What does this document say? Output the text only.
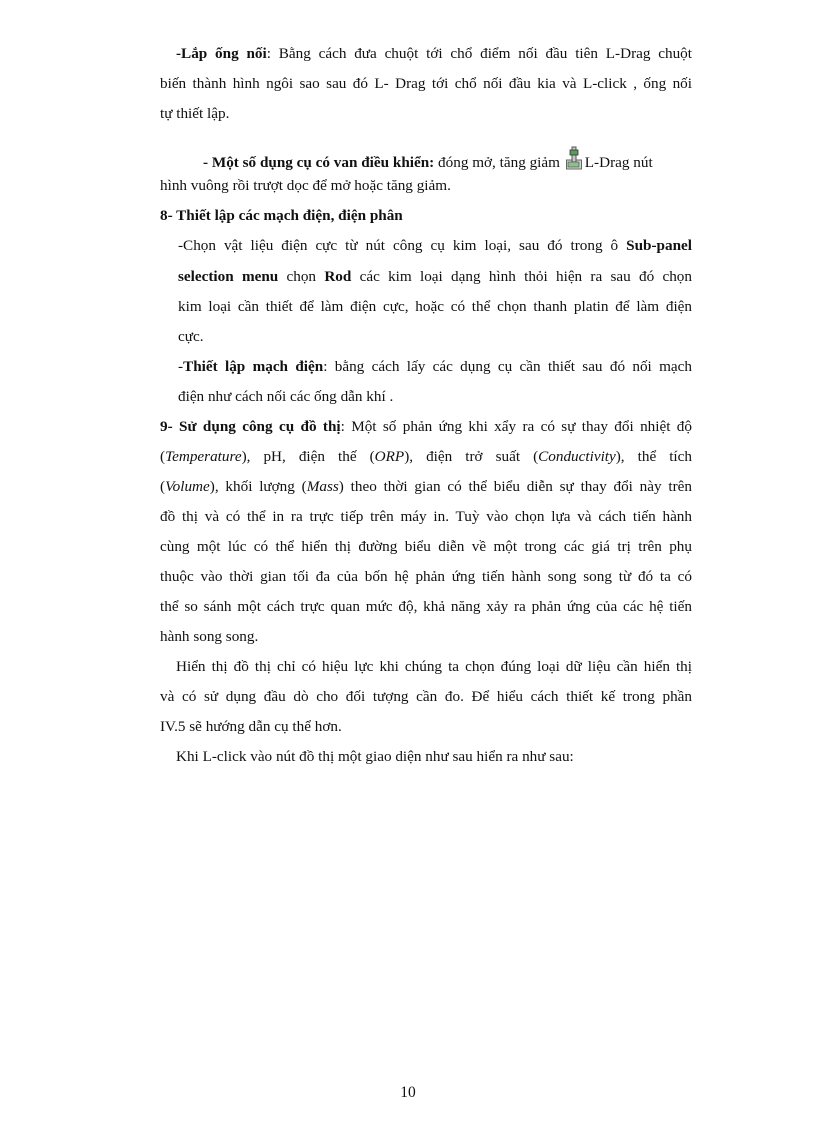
-Lắp ống nối: Bằng cách đưa chuột tới chổ điểm nối đầu tiên L-Drag chuột
biến thành hình ngôi sao sau đó L- Drag tới chổ nối đầu kia và L-click , ống nối
tự thiết lập.
- Một số dụng cụ có van điều khiển: đóng mở, tăng giảm L-Drag nút
hình vuông rồi trượt dọc để mở hoặc tăng giảm.
8- Thiết lập các mạch điện, điện phân
-Chọn vật liệu điện cực từ nút công cụ kim loại, sau đó trong ô Sub-panel
selection menu chọn Rod các kim loại dạng hình thỏi hiện ra sau đó chọn
kim loại cần thiết để làm điện cực, hoặc có thể chọn thanh platin để làm điện
cực.
-Thiết lập mạch điện: bằng cách lấy các dụng cụ cần thiết sau đó nối mạch
điện như cách nối các ống dẫn khí .
9- Sử dụng công cụ đồ thị: Một số phản ứng khi xẩy ra có sự thay đổi nhiệt độ
(Temperature), pH, điện thế (ORP), điện trở suất (Conductivity), thể tích
(Volume), khối lượng (Mass) theo thời gian có thể biểu diễn sự thay đổi này trên
đồ thị và có thể in ra trực tiếp trên máy in. Tuỳ vào chọn lựa và cách tiến hành
cùng một lúc có thể hiển thị đường biểu diễn về một trong các giá trị trên phụ
thuộc vào thời gian tối đa của bốn hệ phản ứng tiến hành song song từ đó ta có
thể so sánh một cách trực quan mức độ, khả năng xảy ra phản ứng của các hệ tiến
hành song song.
Hiển thị đồ thị chỉ có hiệu lực khi chúng ta chọn đúng loại dữ liệu cần hiển thị
và có sử dụng đầu dò cho đối tượng cần đo. Để hiểu cách thiết kế trong phần
IV.5 sẽ hướng dẫn cụ thể hơn.
Khi L-click vào nút đồ thị một giao diện như sau hiển ra như sau:
10
